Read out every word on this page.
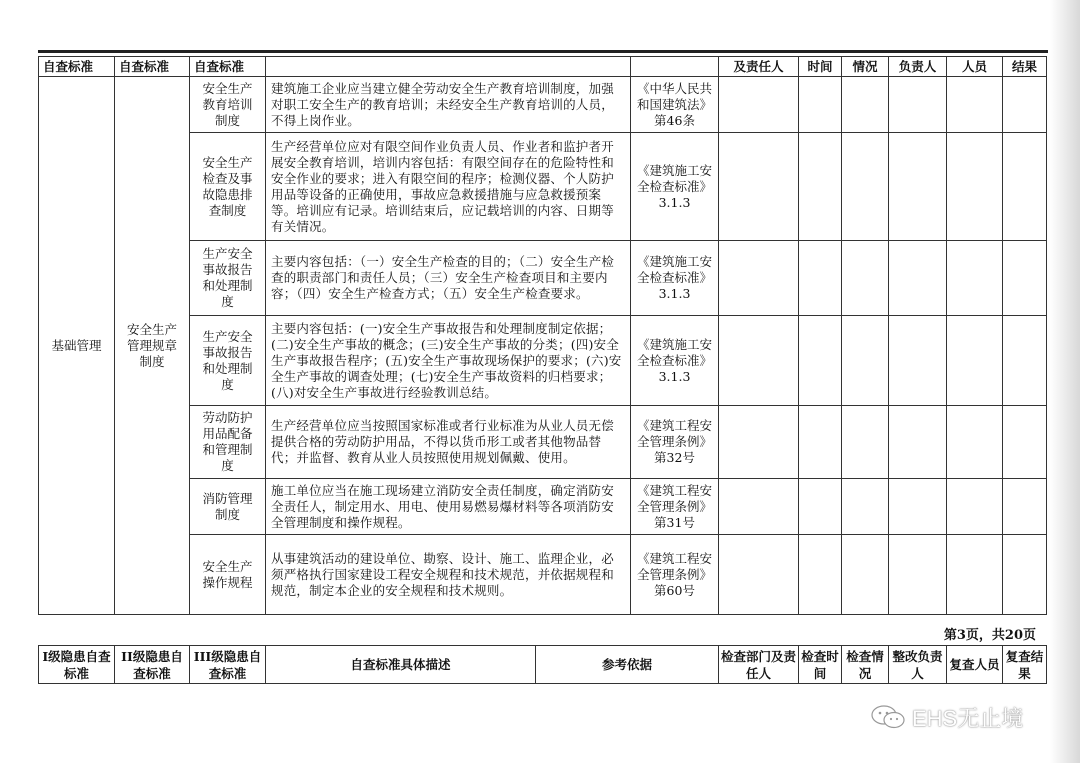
自查标准	自查标准	自查标准			及责任人	时间	情况	负责人	人员	结果
基础管理	安全生产管理规章制度	安全生产教育培训制度	建筑施工企业应当建立健全劳动安全生产教育培训制度，加强对职工安全生产的教育培训；未经安全生产教育培训的人员，不得上岗作业。	《中华人民共和国建筑法》第46条						
		安全生产检查及事故隐患排查制度	生产经营单位应对有限空间作业负责人员、作业者和监护者开展安全教育培训，培训内容包括：有限空间存在的危险特性和安全作业的要求；进入有限空间的程序；检测仪器、个人防护用品等设备的正确使用，事故应急救援措施与应急救援预案等。培训应有记录。培训结束后，应记载培训的内容、日期等有关情况。	《建筑施工安全检查标准》3.1.3						
		生产安全事故报告和处理制度	主要内容包括：（一）安全生产检查的目的；（二）安全生产检查的职责部门和责任人员；（三）安全生产检查项目和主要内容；（四）安全生产检查方式；（五）安全生产检查要求。	《建筑施工安全检查标准》3.1.3						
		生产安全事故报告和处理制度	主要内容包括：(一)安全生产事故报告和处理制度制定依据；(二)安全生产事故的概念；(三)安全生产事故的分类；(四)安全生产事故报告程序；(五)安全生产事故现场保护的要求；(六)安全生产事故的调查处理；(七)安全生产事故资料的归档要求；(八)对安全生产事故进行经验教训总结。	《建筑施工安全检查标准》3.1.3						
		劳动防护用品配备和管理制度	生产经营单位应当按照国家标准或者行业标准为从业人员无偿提供合格的劳动防护用品，不得以货币形工或者其他物品替代；并监督、教育从业人员按照使用规划佩戴、使用。	《建筑工程安全管理条例》第32号						
		消防管理制度	施工单位应当在施工现场建立消防安全责任制度，确定消防安全责任人，制定用水、用电、使用易燃易爆材料等各项消防安全管理制度和操作规程。	《建筑工程安全管理条例》第31号						
		安全生产操作规程	从事建筑活动的建设单位、勘察、设计、施工、监理企业，必须严格执行国家建设工程安全规程和技术规范，并依据规程和规范，制定本企业的安全规程和技术规则。	《建筑工程安全管理条例》第60号						
第3页，共20页
I级隐患自查标准	II级隐患自查标准	III级隐患自查标准	自查标准具体描述	参考依据	检查部门及责任人	检查时间	检查情况	整改负责人	复查人员	复查结果
EHS无止境
